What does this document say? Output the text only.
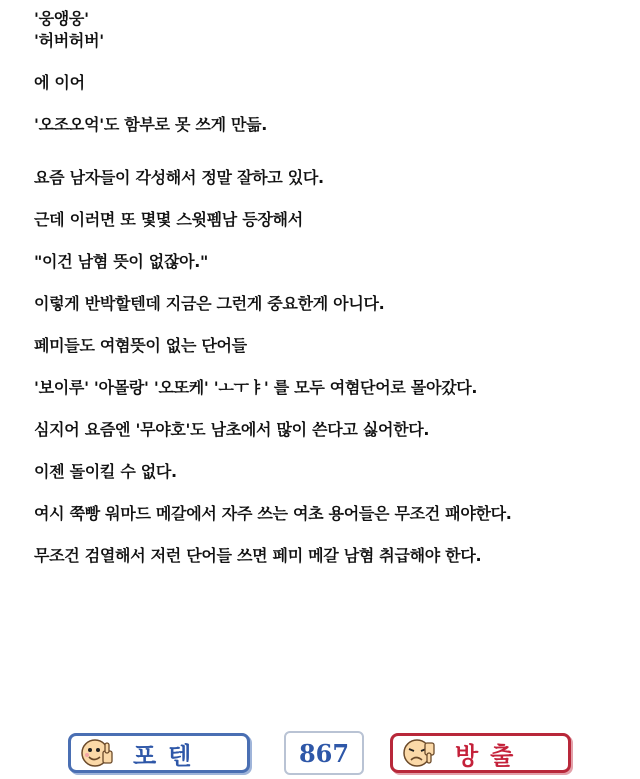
'웅앵웅'
'허버허버'
에 이어
'오조오억'도 함부로 못 쓰게 만듦.
요즘 남자들이 각성해서 정말 잘하고 있다.
근데 이러면 또 몇몇 스윗펨남 등장해서
"이건 남혐 뜻이 없잖아."
이렇게 반박할텐데 지금은 그런게 중요한게 아니다.
페미들도 여혐뜻이 없는 단어들
'보이루' '아몰랑' '오또케' 'ㅗㅜㅑ' 를 모두 여혐단어로 몰아갔다.
심지어 요즘엔 '무야호'도 남초에서 많이 쓴다고 싫어한다.
이젠 돌이킬 수 없다.
여시 쭉빵 워마드 메갈에서 자주 쓰는 여초 용어들은 무조건 패야한다.
무조건 검열해서 저런 단어들 쓰면 페미 메갈 남혐 취급해야 한다.
포텐	867	방출
